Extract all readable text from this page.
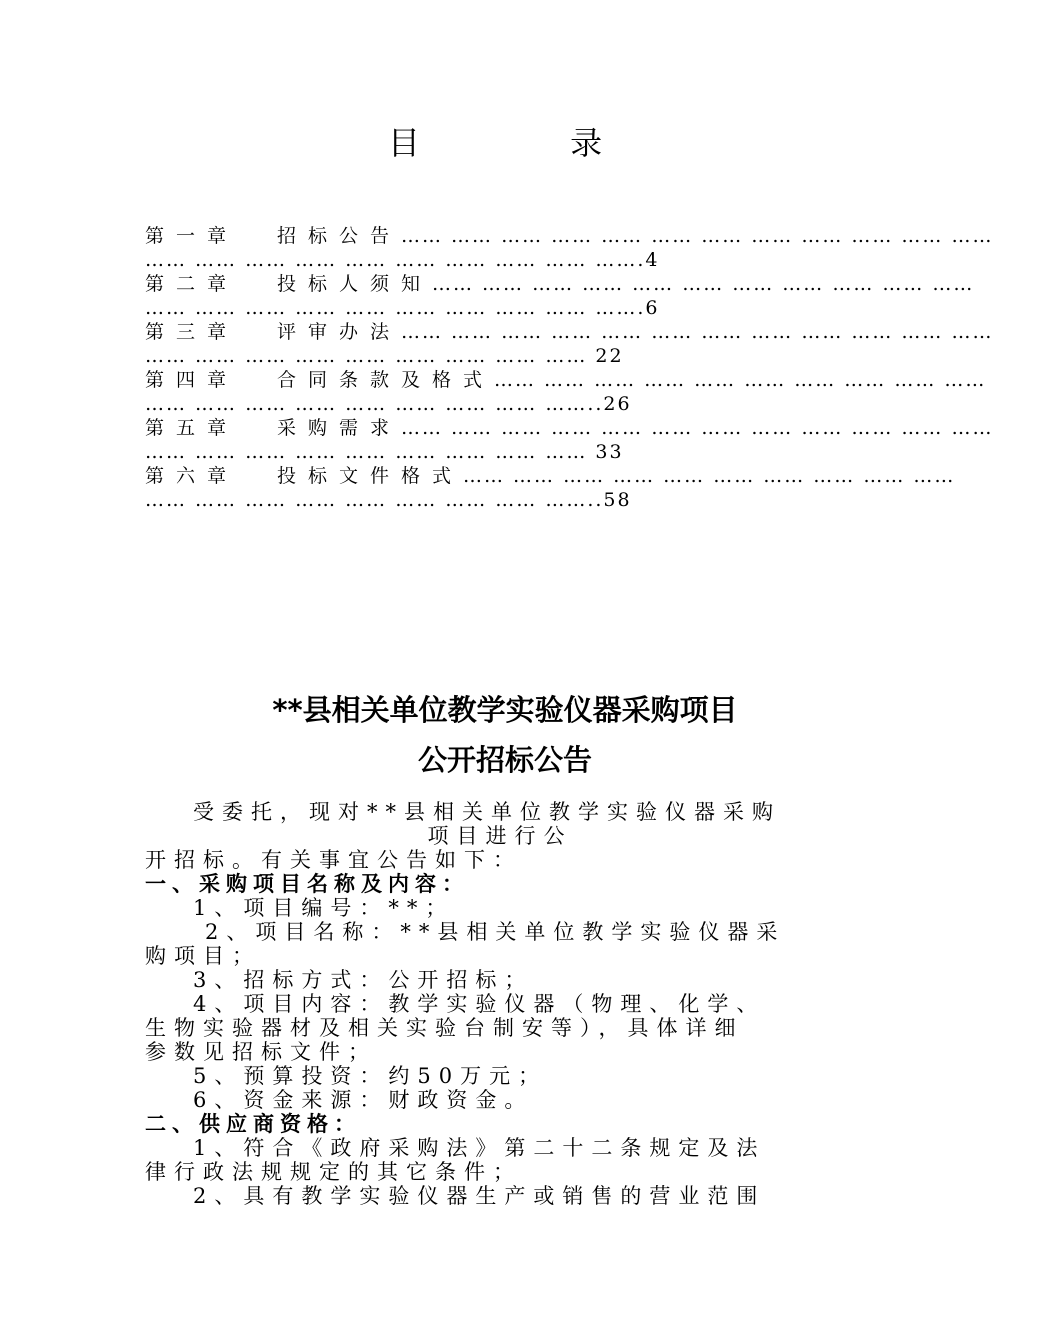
目 录
第一章 招标公告…… …… …… …… …… …… …… …… …… …… …… ……
…… …… …… …… …… …… …… …… …… …….4
第二章 投标人须知…… …… …… …… …… …… …… …… …… …… ……
…… …… …… …… …… …… …… …… …… …….6
第三章 评审办法…… …… …… …… …… …… …… …… …… …… …… ……
…… …… …… …… …… …… …… …… …… 22
第四章 合同条款及格式…… …… …… …… …… …… …… …… …… ……
…… …… …… …… …… …… …… …… ……..26
第五章 采购需求…… …… …… …… …… …… …… …… …… …… …… ……
…… …… …… …… …… …… …… …… …… 33
第六章 投标文件格式…… …… …… …… …… …… …… …… …… ……
…… …… …… …… …… …… …… …… ……..58
**县相关单位教学实验仪器采购项目
公开招标公告
受委托，现对**县相关单位教学实验仪器采购
项目进行公
开招标。有关事宜公告如下：
一、采购项目名称及内容：
1、项目编号：**；
2、项目名称：**县相关单位教学实验仪器采
购项目；
3、招标方式：公开招标；
4、项目内容：教学实验仪器（物理、化学、
生物实验器材及相关实验台制安等），具体详细
参数见招标文件；
5、预算投资：约50万元；
6、资金来源：财政资金。
二、供应商资格：
1、符合《政府采购法》第二十二条规定及法
律行政法规规定的其它条件；
2、具有教学实验仪器生产或销售的营业范围
